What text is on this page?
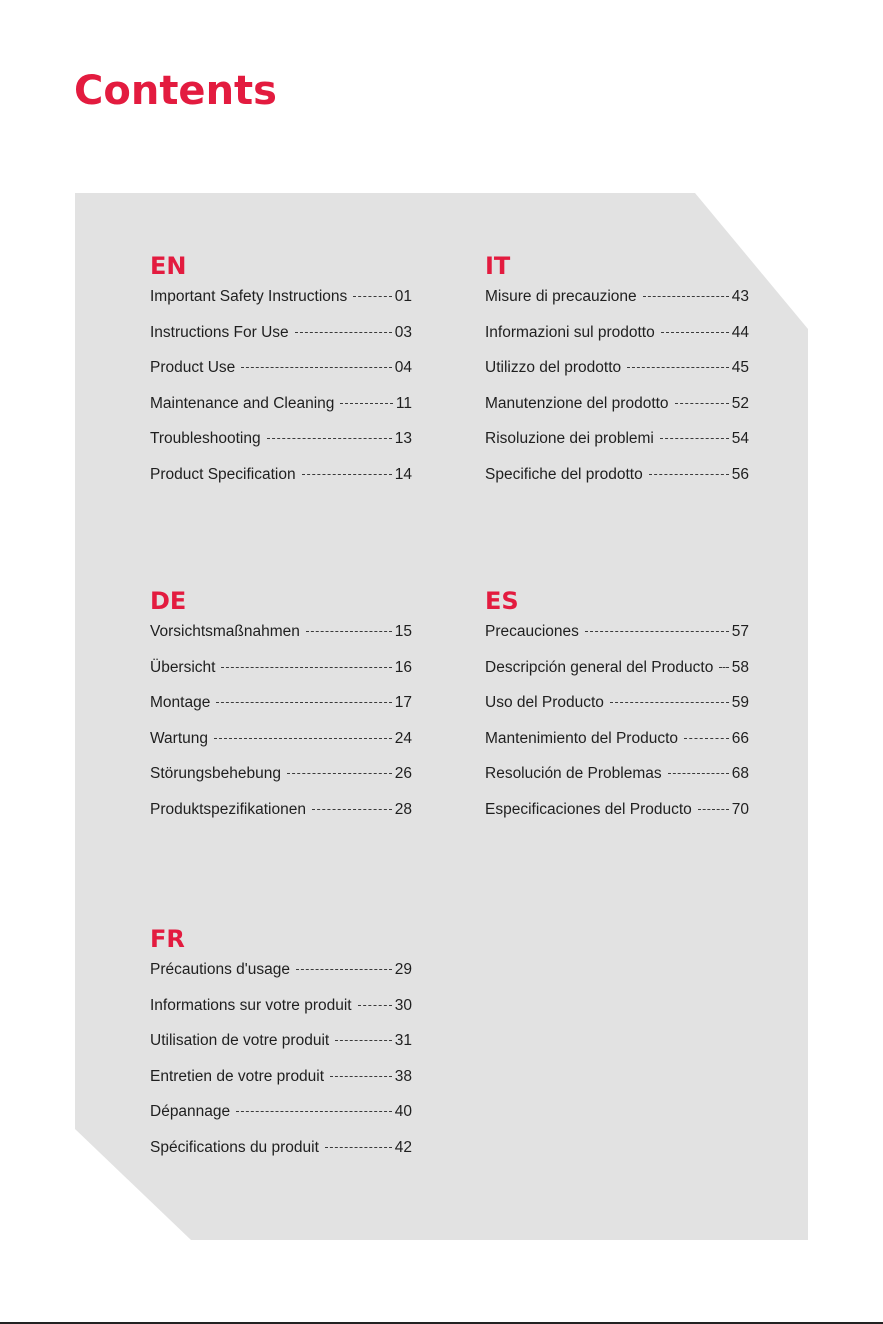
Contents
EN
Important Safety Instructions	01
Instructions For Use	03
Product Use	04
Maintenance and Cleaning	11
Troubleshooting	13
Product Specification	14
IT
Misure di precauzione	43
Informazioni sul prodotto	44
Utilizzo del prodotto	45
Manutenzione del prodotto	52
Risoluzione dei problemi	54
Specifiche del prodotto	56
DE
Vorsichtsmaßnahmen	15
Übersicht	16
Montage	17
Wartung	24
Störungsbehebung	26
Produktspezifikationen	28
ES
Precauciones	57
Descripción general del Producto 58
Uso del Producto	59
Mantenimiento del Producto	66
Resolución de Problemas	68
Especificaciones del Producto	70
FR
Précautions d'usage	29
Informations sur votre produit	30
Utilisation de votre produit	31
Entretien de votre produit	38
Dépannage	40
Spécifications du produit	42
